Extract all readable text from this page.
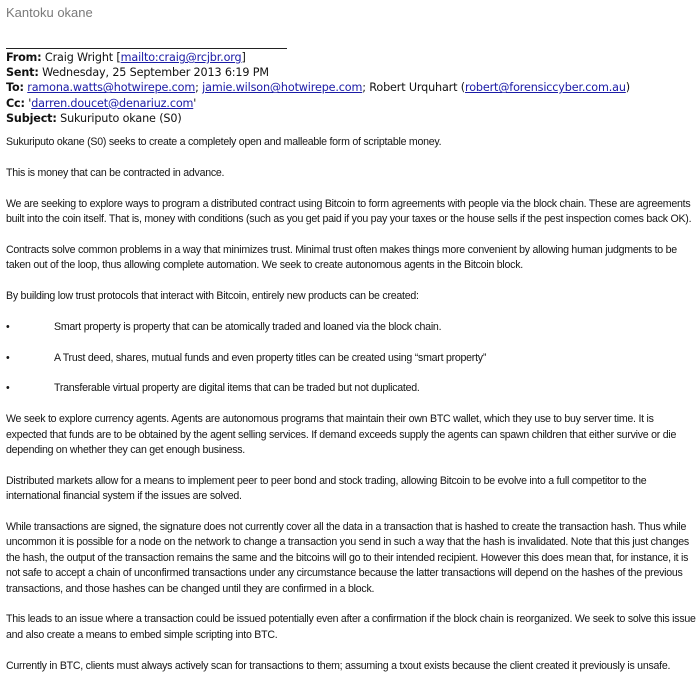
Kantoku okane
From: Craig Wright [mailto:craig@rcjbr.org]
Sent: Wednesday, 25 September 2013 6:19 PM
To: ramona.watts@hotwirepe.com; jamie.wilson@hotwirepe.com; Robert Urquhart (robert@forensiccyber.com.au)
Cc: 'darren.doucet@denariuz.com'
Subject: Sukuriputo okane (S0)

Sukuriputo okane (S0) seeks to create a completely open and malleable form of scriptable money.

This is money that can be contracted in advance.

We are seeking to explore ways to program a distributed contract using Bitcoin to form agreements with people via the block chain. These are agreements built into the coin itself. That is, money with conditions (such as you get paid if you pay your taxes or the house sells if the pest inspection comes back OK).

Contracts solve common problems in a way that minimizes trust. Minimal trust often makes things more convenient by allowing human judgments to be taken out of the loop, thus allowing complete automation. We seek to create autonomous agents in the Bitcoin block.

By building low trust protocols that interact with Bitcoin, entirely new products can be created:

•	Smart property is property that can be atomically traded and loaned via the block chain.
•	A Trust deed, shares, mutual funds and even property titles can be created using “smart property”
•	Transferable virtual property are digital items that can be traded but not duplicated.

We seek to explore currency agents. Agents are autonomous programs that maintain their own BTC wallet, which they use to buy server time. It is expected that funds are to be obtained by the agent selling services. If demand exceeds supply the agents can spawn children that either survive or die depending on whether they can get enough business.

Distributed markets allow for a means to implement peer to peer bond and stock trading, allowing Bitcoin to be evolve into a full competitor to the international financial system if the issues are solved.

While transactions are signed, the signature does not currently cover all the data in a transaction that is hashed to create the transaction hash. Thus while uncommon it is possible for a node on the network to change a transaction you send in such a way that the hash is invalidated. Note that this just changes the hash, the output of the transaction remains the same and the bitcoins will go to their intended recipient. However this does mean that, for instance, it is not safe to accept a chain of unconfirmed transactions under any circumstance because the latter transactions will depend on the hashes of the previous transactions, and those hashes can be changed until they are confirmed in a block.

This leads to an issue where a transaction could be issued potentially even after a confirmation if the block chain is reorganized. We seek to solve this issue and also create a means to embed simple scripting into BTC.

Currently in BTC, clients must always actively scan for transactions to them; assuming a txout exists because the client created it previously is unsafe.
